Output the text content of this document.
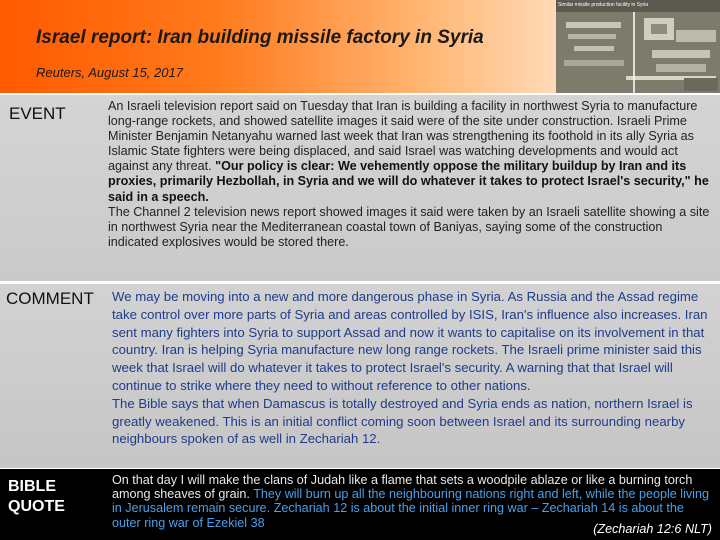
Israel report: Iran building missile factory in Syria
Reuters, August 15, 2017
Similar missile production facility in Syria
EVENT	An Israeli television report said on Tuesday that Iran is building a facility in northwest Syria to manufacture long-range rockets, and showed satellite images it said were of the site under construction. Israeli Prime Minister Benjamin Netanyahu warned last week that Iran was strengthening its foothold in its ally Syria as Islamic State fighters were being displaced, and said Israel was watching developments and would act against any threat. "Our policy is clear: We vehemently oppose the military buildup by Iran and its proxies, primarily Hezbollah, in Syria and we will do whatever it takes to protect Israel's security," he said in a speech.
The Channel 2 television news report showed images it said were taken by an Israeli satellite showing a site in northwest Syria near the Mediterranean coastal town of Baniyas, saying some of the construction indicated explosives would be stored there.
COMMENT We may be moving into a new and more dangerous phase in Syria. As Russia and the Assad regime take control over more parts of Syria and areas controlled by ISIS, Iran's influence also increases. Iran sent many fighters into Syria to support Assad and now it wants to capitalise on its involvement in that country. Iran is helping Syria manufacture new long range rockets. The Israeli prime minister said this week that Israel will do whatever it takes to protect Israel's security. A warning that that Israel will continue to strike where they need to without reference to other nations.
The Bible says that when Damascus is totally destroyed and Syria ends as nation, northern Israel is greatly weakened. This is an initial conflict coming soon between Israel and its surrounding nearby neighbours spoken of as well in Zechariah 12.
BIBLE
QUOTE
On that day I will make the clans of Judah like a flame that sets a woodpile ablaze or like a burning torch among sheaves of grain. They will burn up all the neighbouring nations right and left, while the people living in Jerusalem remain secure. Zechariah 12 is about the initial inner ring war – Zechariah 14 is about the outer ring war of Ezekiel 38	(Zechariah 12:6 NLT)
